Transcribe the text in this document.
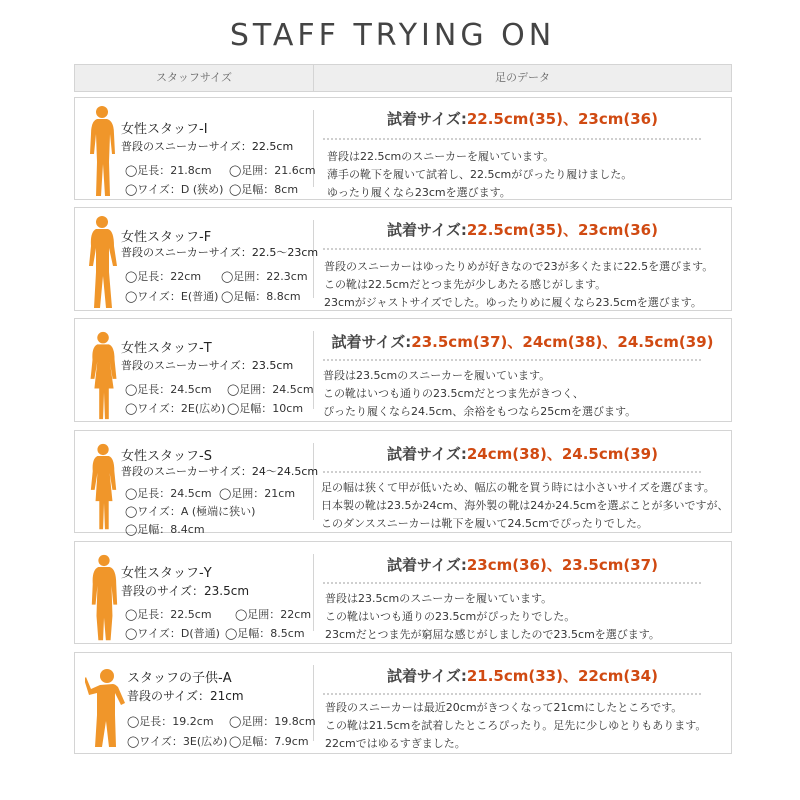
STAFF TRYING ON
スタッフサイズ	足のデータ
女性スタッフ-I
普段のスニーカーサイズ：22.5cm
◯足長：21.8cm ◯足囲：21.6cm
◯ワイズ：D (狭め) ◯足幅：8cm
試着サイズ:22.5cm(35)、23cm(36)
普段は22.5cmのスニーカーを履いています。
薄手の靴下を履いて試着し、22.5cmがぴったり履けました。
ゆったり履くなら23cmを選びます。
女性スタッフ-F
普段のスニーカーサイズ：22.5〜23cm
◯足長：22cm ◯足囲：22.3cm
◯ワイズ：E(普通) ◯足幅：8.8cm
試着サイズ:22.5cm(35)、23cm(36)
普段のスニーカーはゆったりめが好きなので23が多くたまに22.5を選びます。
この靴は22.5cmだとつま先が少しあたる感じがします。
23cmがジャストサイズでした。ゆったりめに履くなら23.5cmを選びます。
女性スタッフ-T
普段のスニーカーサイズ：23.5cm
◯足長：24.5cm ◯足囲：24.5cm
◯ワイズ：2E(広め) ◯足幅：10cm
試着サイズ:23.5cm(37)、24cm(38)、24.5cm(39)
普段は23.5cmのスニーカーを履いています。
この靴はいつも通りの23.5cmだとつま先がきつく、
ぴったり履くなら24.5cm、余裕をもつなら25cmを選びます。
女性スタッフ-S
普段のスニーカーサイズ：24〜24.5cm
◯足長：24.5cm ◯足囲：21cm
◯ワイズ：A (極端に狭い)
◯足幅：8.4cm
試着サイズ:24cm(38)、24.5cm(39)
足の幅は狭くて甲が低いため、幅広の靴を買う時には小さいサイズを選びます。
日本製の靴は23.5か24cm、海外製の靴は24か24.5cmを選ぶことが多いですが、
このダンススニーカーは靴下を履いて24.5cmでぴったりでした。
女性スタッフ-Y
普段のサイズ：23.5cm
◯足長：22.5cm ◯足囲：22cm
◯ワイズ：D(普通) ◯足幅：8.5cm
試着サイズ:23cm(36)、23.5cm(37)
普段は23.5cmのスニーカーを履いています。
この靴はいつも通りの23.5cmがぴったりでした。
23cmだとつま先が窮屈な感じがしましたので23.5cmを選びます。
スタッフの子供-A
普段のサイズ：21cm
◯足長：19.2cm ◯足囲：19.8cm
◯ワイズ：3E(広め) ◯足幅：7.9cm
試着サイズ:21.5cm(33)、22cm(34)
普段のスニーカーは最近20cmがきつくなって21cmにしたところです。
この靴は21.5cmを試着したところぴったり。足先に少しゆとりもあります。
22cmではゆるすぎました。
